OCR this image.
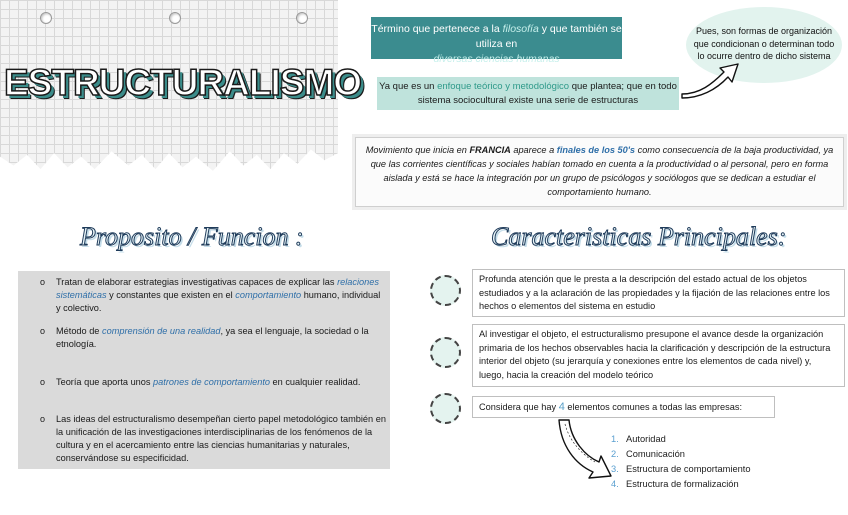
ESTRUCTURALISMO
Término que pertenece a la filosofía y que también se utiliza en
diversas ciencias humanas
Ya que es un enfoque teórico y metodológico que plantea; que en todo sistema sociocultural existe una serie de estructuras
Pues, son formas de organización que condicionan o determinan todo lo ocurre dentro de dicho sistema
Movimiento que inicia en FRANCIA aparece a finales de los 50's como consecuencia de la baja productividad, ya que las corrientes científicas y sociales habían tomado en cuenta a la productividad o al personal, pero en forma aislada y está se hace la integración por un grupo de psicólogos y sociólogos que se dedican a estudiar el comportamiento humano.
Proposito / Funcion :	Caracteristicas Principales:
o Tratan de elaborar estrategias investigativas capaces de explicar las relaciones sistemáticas y constantes que existen en el comportamiento humano, individual y colectivo.
o Método de comprensión de una realidad, ya sea el lenguaje, la sociedad o la etnología.
o Teoría que aporta unos patrones de comportamiento en cualquier realidad.
o Las ideas del estructuralismo desempeñan cierto papel metodológico también en la unificación de las investigaciones interdisciplinarias de los fenómenos de la cultura y en el acercamiento entre las ciencias humanitarias y naturales, conservándose su especificidad.
Profunda atención que le presta a la descripción del estado actual de los objetos estudiados y a la aclaración de las propiedades y la fijación de las relaciones entre los hechos o elementos del sistema en estudio
Al investigar el objeto, el estructuralismo presupone el avance desde la organización primaria de los hechos observables hacia la clarificación y descripción de la estructura interior del objeto (su jerarquía y conexiones entre los elementos de cada nivel) y, luego, hacia la creación del modelo teórico
Considera que hay 4 elementos comunes a todas las empresas:
1. Autoridad
2. Comunicación
3. Estructura de comportamiento
4. Estructura de formalización
